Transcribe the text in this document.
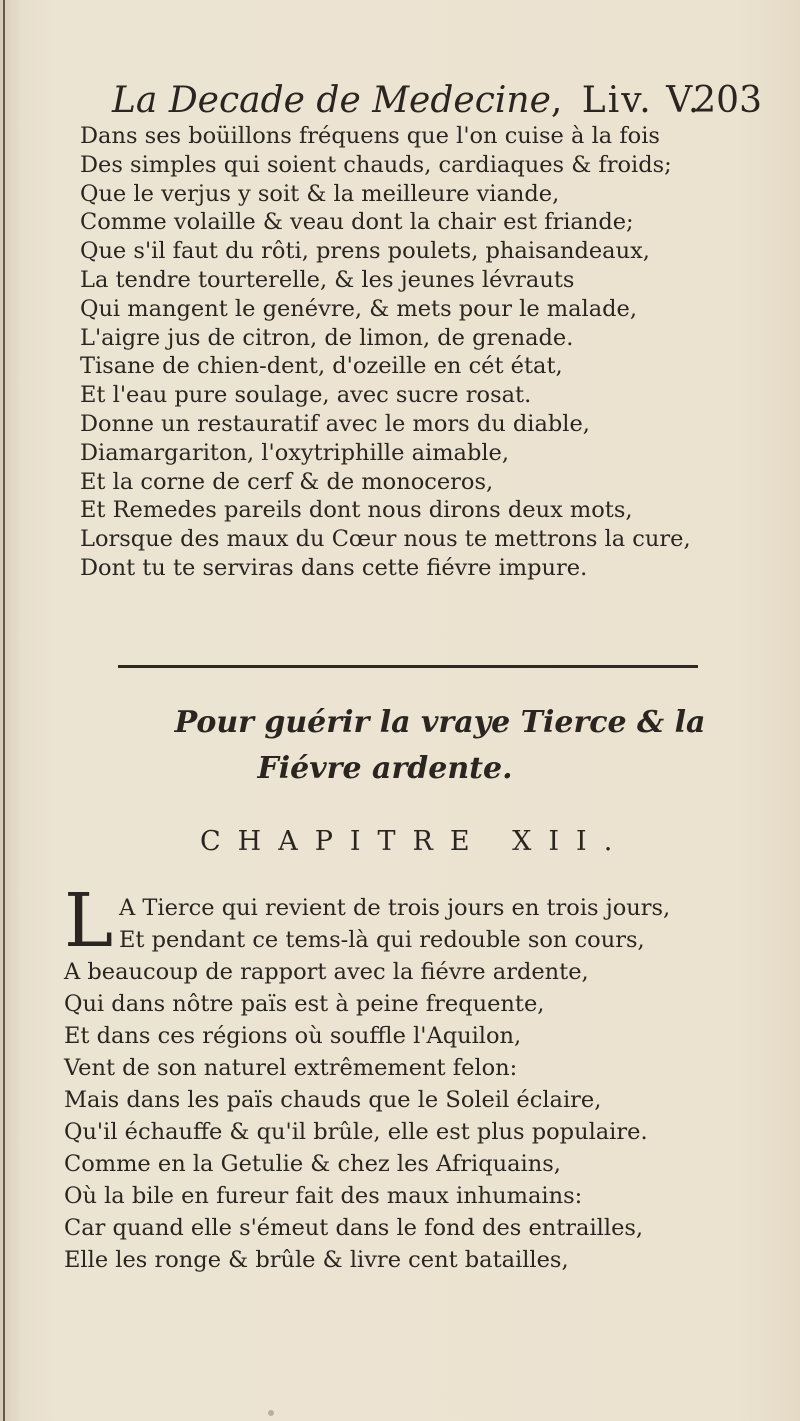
La Decade de Medecine, Liv. V.
203
Dans ses boüillons fréquens que l'on cuise à la fois
Des simples qui soient chauds, cardiaques & froids;
Que le verjus y soit & la meilleure viande,
Comme volaille & veau dont la chair est friande;
Que s'il faut du rôti, prens poulets, phaisandeaux,
La tendre tourterelle, & les jeunes lévrauts
Qui mangent le genévre, & mets pour le malade,
L'aigre jus de citron, de limon, de grenade.
Tisane de chien-dent, d'ozeille en cét état,
Et l'eau pure soulage, avec sucre rosat.
Donne un restauratif avec le mors du diable,
Diamargariton, l'oxytriphille aimable,
Et la corne de cerf & de monoceros,
Et Remedes pareils dont nous dirons deux mots,
Lorsque des maux du Cœur nous te mettrons la cure,
Dont tu te serviras dans cette fiévre impure.
Pour guérir la vraye Tierce & la
Fiévre ardente.
CHAPITRE XII.
L A Tierce qui revient de trois jours en trois jours,
Et pendant ce tems-là qui redouble son cours,
A beaucoup de rapport avec la fiévre ardente,
Qui dans nôtre païs est à peine frequente,
Et dans ces régions où souffle l'Aquilon,
Vent de son naturel extrêmement felon:
Mais dans les païs chauds que le Soleil éclaire,
Qu'il échauffe & qu'il brûle, elle est plus populaire.
Comme en la Getulie & chez les Afriquains,
Où la bile en fureur fait des maux inhumains:
Car quand elle s'émeut dans le fond des entrailles,
Elle les ronge & brûle & livre cent batailles,
